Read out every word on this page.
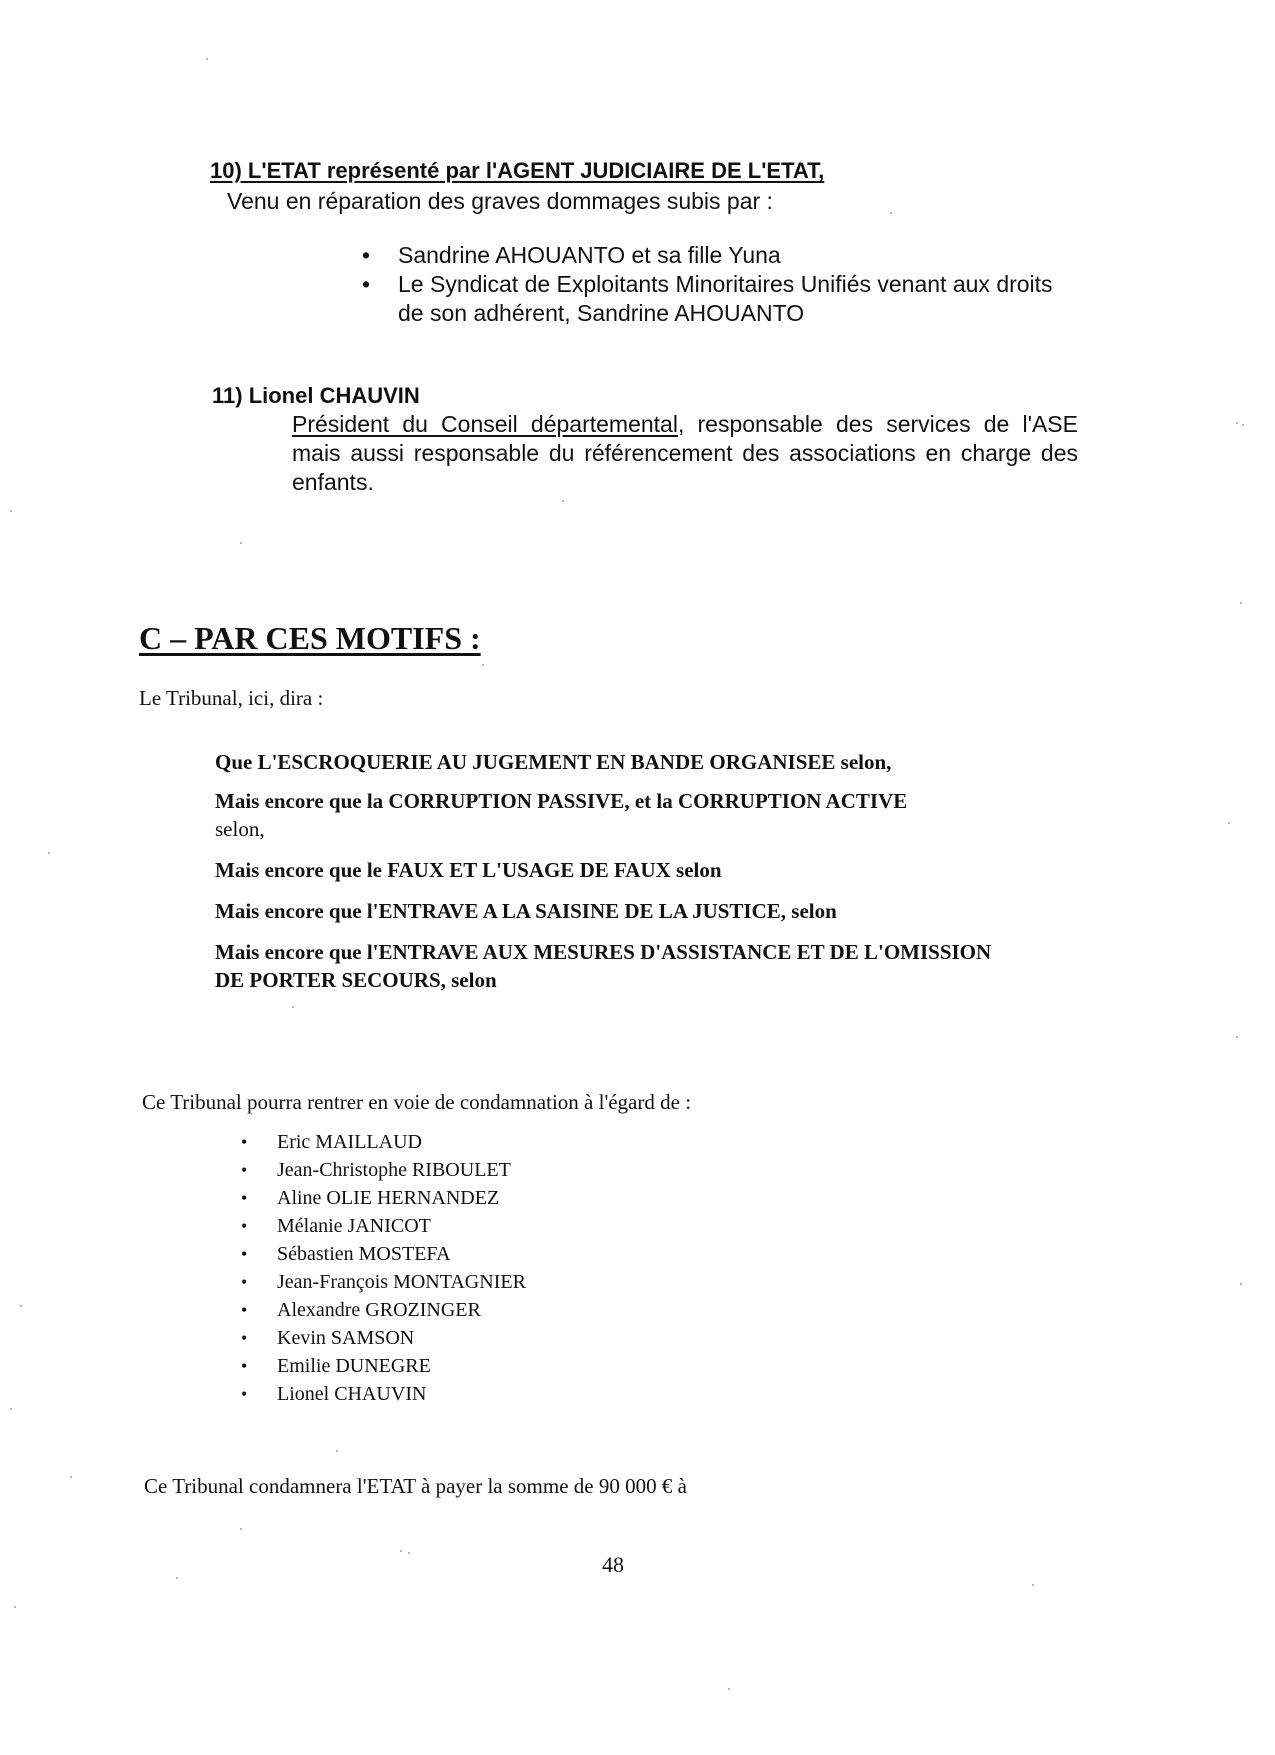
10) L'ETAT représenté par l'AGENT JUDICIAIRE DE L'ETAT,
Venu en réparation des graves dommages subis par :
• Sandrine AHOUANTO et sa fille Yuna
• Le Syndicat de Exploitants Minoritaires Unifiés venant aux droits de son adhérent, Sandrine AHOUANTO
11) Lionel CHAUVIN

Président du Conseil départemental, responsable des services de l'ASE mais aussi responsable du référencement des associations en charge des enfants.

C – PAR CES MOTIFS :
Le Tribunal, ici, dira :
Que L'ESCROQUERIE AU JUGEMENT EN BANDE ORGANISEE selon,
Mais encore que la CORRUPTION PASSIVE, et la CORRUPTION ACTIVE
selon,
Mais encore que le FAUX ET L'USAGE DE FAUX selon
Mais encore que l'ENTRAVE A LA SAISINE DE LA JUSTICE, selon
Mais encore que l'ENTRAVE AUX MESURES D'ASSISTANCE ET DE L'OMISSION DE PORTER SECOURS, selon
Ce Tribunal pourra rentrer en voie de condamnation à l'égard de :
• Eric MAILLAUD
• Jean-Christophe RIBOULET
• Aline OLIE HERNANDEZ
• Mélanie JANICOT
• Sébastien MOSTEFA
• Jean-François MONTAGNIER
• Alexandre GROZINGER
• Kevin SAMSON
• Emilie DUNEGRE
• Lionel CHAUVIN
Ce Tribunal condamnera l'ETAT à payer la somme de 90 000 € à
48
